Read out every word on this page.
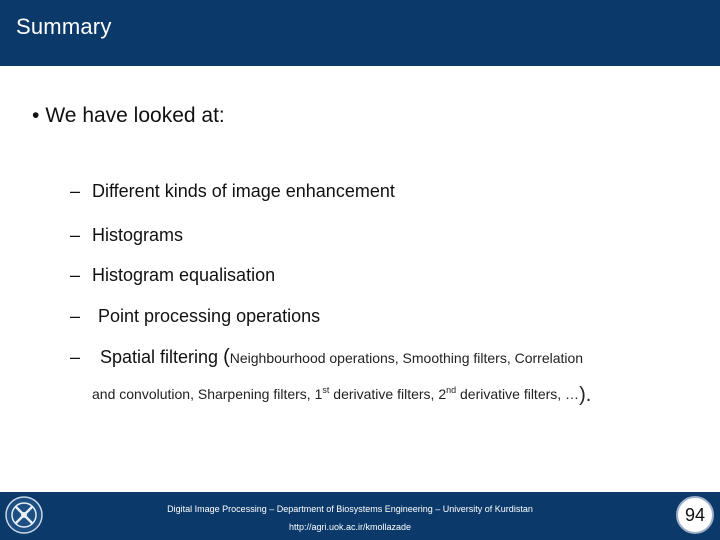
Summary
• We have looked at:
– Different kinds of image enhancement
– Histograms
– Histogram equalisation
– Point processing operations
– Spatial filtering (Neighbourhood operations, Smoothing filters, Correlation
and convolution, Sharpening filters, 1st derivative filters, 2nd derivative filters, …).
Digital Image Processing – Department of Biosystems Engineering – University of Kurdistan
http://agri.uok.ac.ir/kmollazade
94
